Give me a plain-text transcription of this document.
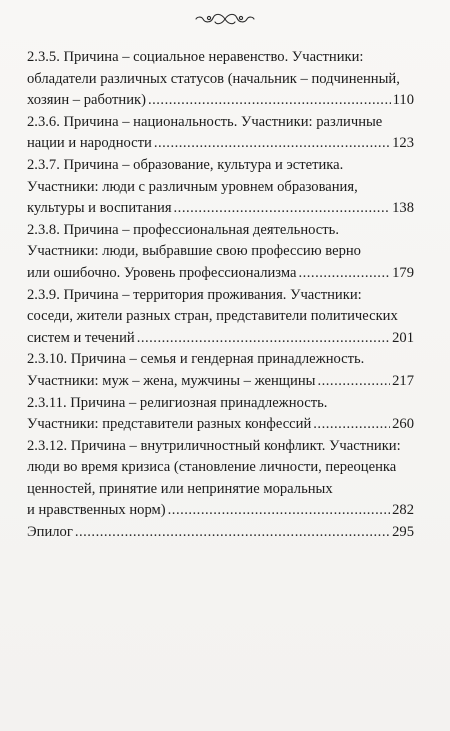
2.3.5. Причина – социальное неравенство. Участники:
обладатели различных статусов (начальник – подчиненный,
хозяин – работник) .....	110
2.3.6. Причина – национальность. Участники: различные
нации и народности .....	123
2.3.7. Причина – образование, культура и эстетика.
Участники: люди с различным уровнем образования,
культуры и воспитания .....	138
2.3.8. Причина – профессиональная деятельность.
Участники: люди, выбравшие свою профессию верно
или ошибочно. Уровень профессионализма .....	179
2.3.9. Причина – территория проживания. Участники:
соседи, жители разных стран, представители политических
систем и течений .....	201
2.3.10. Причина – семья и гендерная принадлежность.
Участники: муж – жена, мужчины – женщины .....	217
2.3.11. Причина – религиозная принадлежность.
Участники: представители разных конфессий .....	260
2.3.12. Причина – внутриличностный конфликт. Участники:
люди во время кризиса (становление личности, переоценка
ценностей, принятие или непринятие моральных
и нравственных норм) .....	282
Эпилог .....	295
